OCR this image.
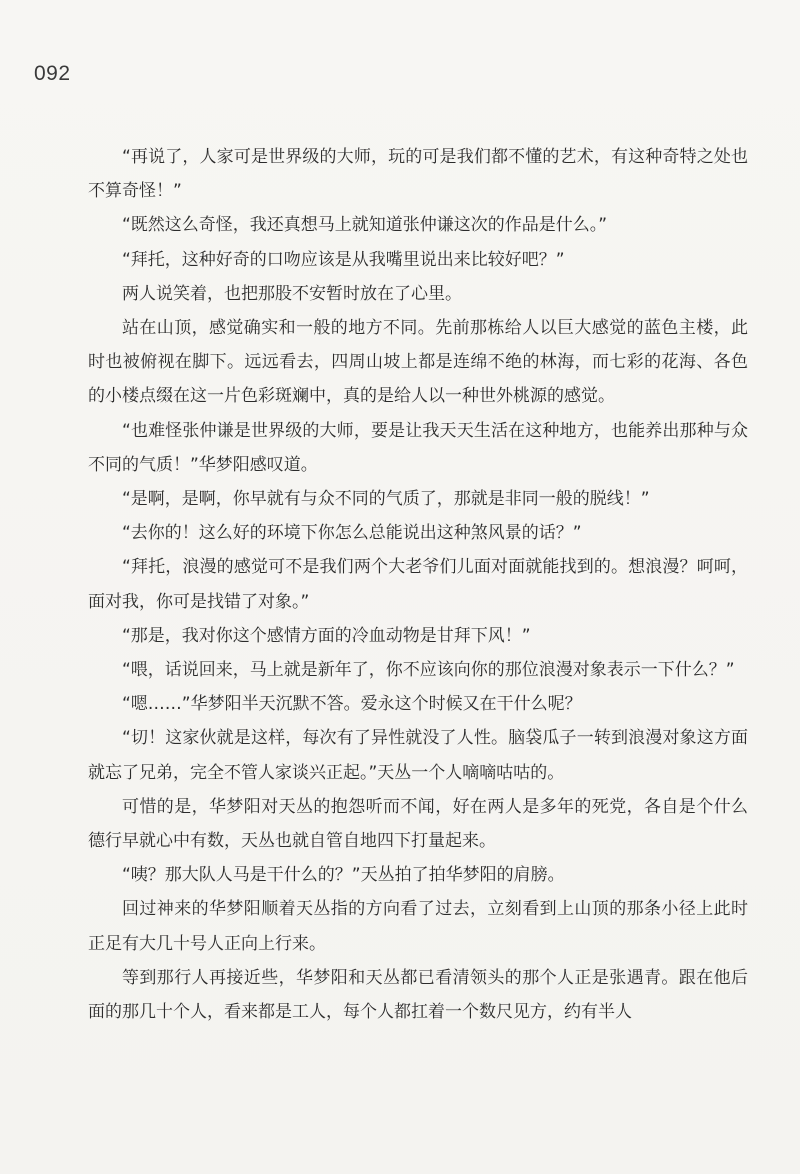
092

“再说了，人家可是世界级的大师，玩的可是我们都不懂的艺术，有这种奇特之处也不算奇怪！”

“既然这么奇怪，我还真想马上就知道张仲谦这次的作品是什么。”

“拜托，这种好奇的口吻应该是从我嘴里说出来比较好吧？”

两人说笑着，也把那股不安暂时放在了心里。

站在山顶，感觉确实和一般的地方不同。先前那栋给人以巨大感觉的蓝色主楼，此时也被俯视在脚下。远远看去，四周山坡上都是连绵不绝的林海，而七彩的花海、各色的小楼点缀在这一片色彩斑斓中，真的是给人以一种世外桃源的感觉。

“也难怪张仲谦是世界级的大师，要是让我天天生活在这种地方，也能养出那种与众不同的气质！”华梦阳感叹道。

“是啊，是啊，你早就有与众不同的气质了，那就是非同一般的脱线！”

“去你的！这么好的环境下你怎么总能说出这种煞风景的话？”

“拜托，浪漫的感觉可不是我们两个大老爷们儿面对面就能找到的。想浪漫？呵呵，面对我，你可是找错了对象。”

“那是，我对你这个感情方面的冷血动物是甘拜下风！”

“喂，话说回来，马上就是新年了，你不应该向你的那位浪漫对象表示一下什么？”

“嗯……”华梦阳半天沉默不答。爱永这个时候又在干什么呢？

“切！这家伙就是这样，每次有了异性就没了人性。脑袋瓜子一转到浪漫对象这方面就忘了兄弟，完全不管人家谈兴正起。”天丛一个人嘀嘀咕咕的。

可惜的是，华梦阳对天丛的抱怨听而不闻，好在两人是多年的死党，各自是个什么德行早就心中有数，天丛也就自管自地四下打量起来。

“咦？那大队人马是干什么的？”天丛拍了拍华梦阳的肩膀。

回过神来的华梦阳顺着天丛指的方向看了过去，立刻看到上山顶的那条小径上此时正足有大几十号人正向上行来。

等到那行人再接近些，华梦阳和天丛都已看清领头的那个人正是张遇青。跟在他后面的那几十个人，看来都是工人，每个人都扛着一个数尺见方，约有半人
